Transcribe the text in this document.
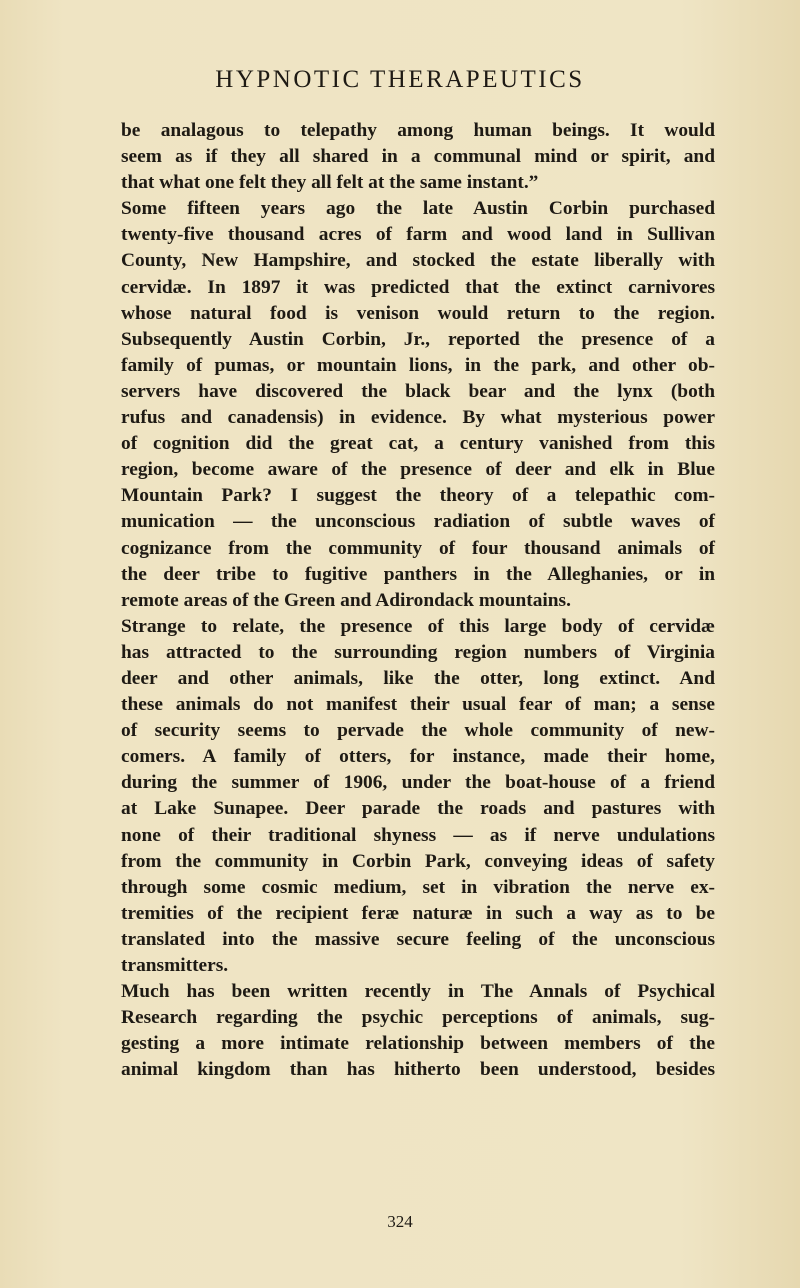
HYPNOTIC THERAPEUTICS
be analagous to telepathy among human beings. It would
seem as if they all shared in a communal mind or spirit, and
that what one felt they all felt at the same instant.”
Some fifteen years ago the late Austin Corbin purchased
twenty-five thousand acres of farm and wood land in Sullivan
County, New Hampshire, and stocked the estate liberally with
cervidæ. In 1897 it was predicted that the extinct carnivores
whose natural food is venison would return to the region.
Subsequently Austin Corbin, Jr., reported the presence of a
family of pumas, or mountain lions, in the park, and other ob-
servers have discovered the black bear and the lynx (both
rufus and canadensis) in evidence. By what mysterious power
of cognition did the great cat, a century vanished from this
region, become aware of the presence of deer and elk in Blue
Mountain Park? I suggest the theory of a telepathic com-
munication — the unconscious radiation of subtle waves of
cognizance from the community of four thousand animals of
the deer tribe to fugitive panthers in the Alleghanies, or in
remote areas of the Green and Adirondack mountains.
Strange to relate, the presence of this large body of cervidæ
has attracted to the surrounding region numbers of Virginia
deer and other animals, like the otter, long extinct. And
these animals do not manifest their usual fear of man; a sense
of security seems to pervade the whole community of new-
comers. A family of otters, for instance, made their home,
during the summer of 1906, under the boat-house of a friend
at Lake Sunapee. Deer parade the roads and pastures with
none of their traditional shyness — as if nerve undulations
from the community in Corbin Park, conveying ideas of safety
through some cosmic medium, set in vibration the nerve ex-
tremities of the recipient feræ naturæ in such a way as to be
translated into the massive secure feeling of the unconscious
transmitters.
Much has been written recently in The Annals of Psychical
Research regarding the psychic perceptions of animals, sug-
gesting a more intimate relationship between members of the
animal kingdom than has hitherto been understood, besides
324
